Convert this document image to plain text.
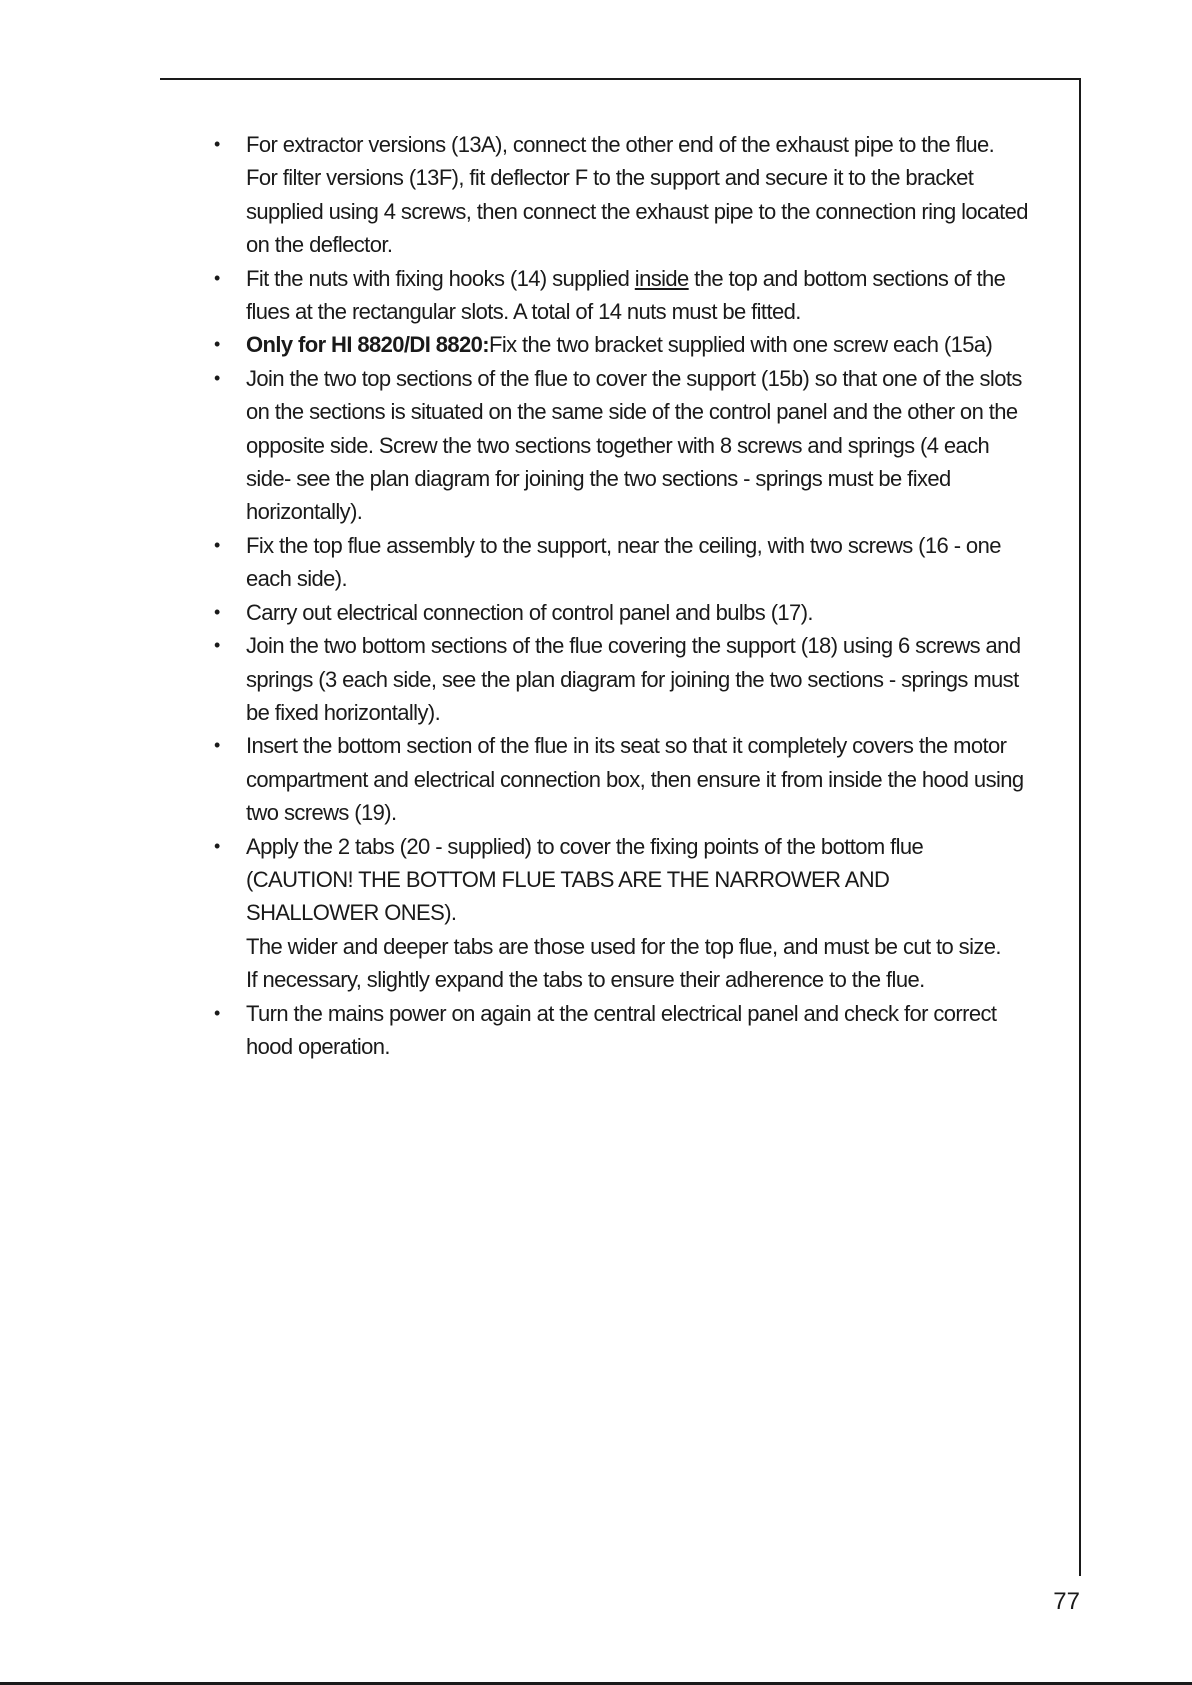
•	For extractor versions (13A), connect the other end of the exhaust pipe to the flue.
For filter versions (13F), fit deflector F to the support and secure it to the bracket
supplied using 4 screws, then connect the exhaust pipe to the connection ring located
on the deflector.
•	Fit the nuts with fixing hooks (14) supplied inside the top and bottom sections of the
flues at the rectangular slots. A total of 14 nuts must be fitted.
•	Only for HI 8820/DI 8820:Fix the two bracket supplied with one screw each (15a)
•	Join the two top sections of the flue to cover the support (15b) so that one of the slots
on the sections is situated on the same side of the control panel and the other on the
opposite side. Screw the two sections together with 8 screws and springs (4 each
side- see the plan diagram for joining the two sections - springs must be fixed
horizontally).
•	Fix the top flue assembly to the support, near the ceiling, with two screws (16 - one
each side).
•	Carry out electrical connection of control panel and bulbs (17).
•	Join the two bottom sections of the flue covering the support (18) using 6 screws and
springs (3 each side, see the plan diagram for joining the two sections - springs must
be fixed horizontally).
•	Insert the bottom section of the flue in its seat so that it completely covers the motor
compartment and electrical connection box, then ensure it from inside the hood using
two screws (19).
•	Apply the 2 tabs (20 - supplied) to cover the fixing points of the bottom flue
(CAUTION! THE BOTTOM FLUE TABS ARE THE NARROWER AND
SHALLOWER ONES).
The wider and deeper tabs are those used for the top flue, and must be cut to size.
If necessary, slightly expand the tabs to ensure their adherence to the flue.
•	Turn the mains power on again at the central electrical panel and check for correct
hood operation.
77
